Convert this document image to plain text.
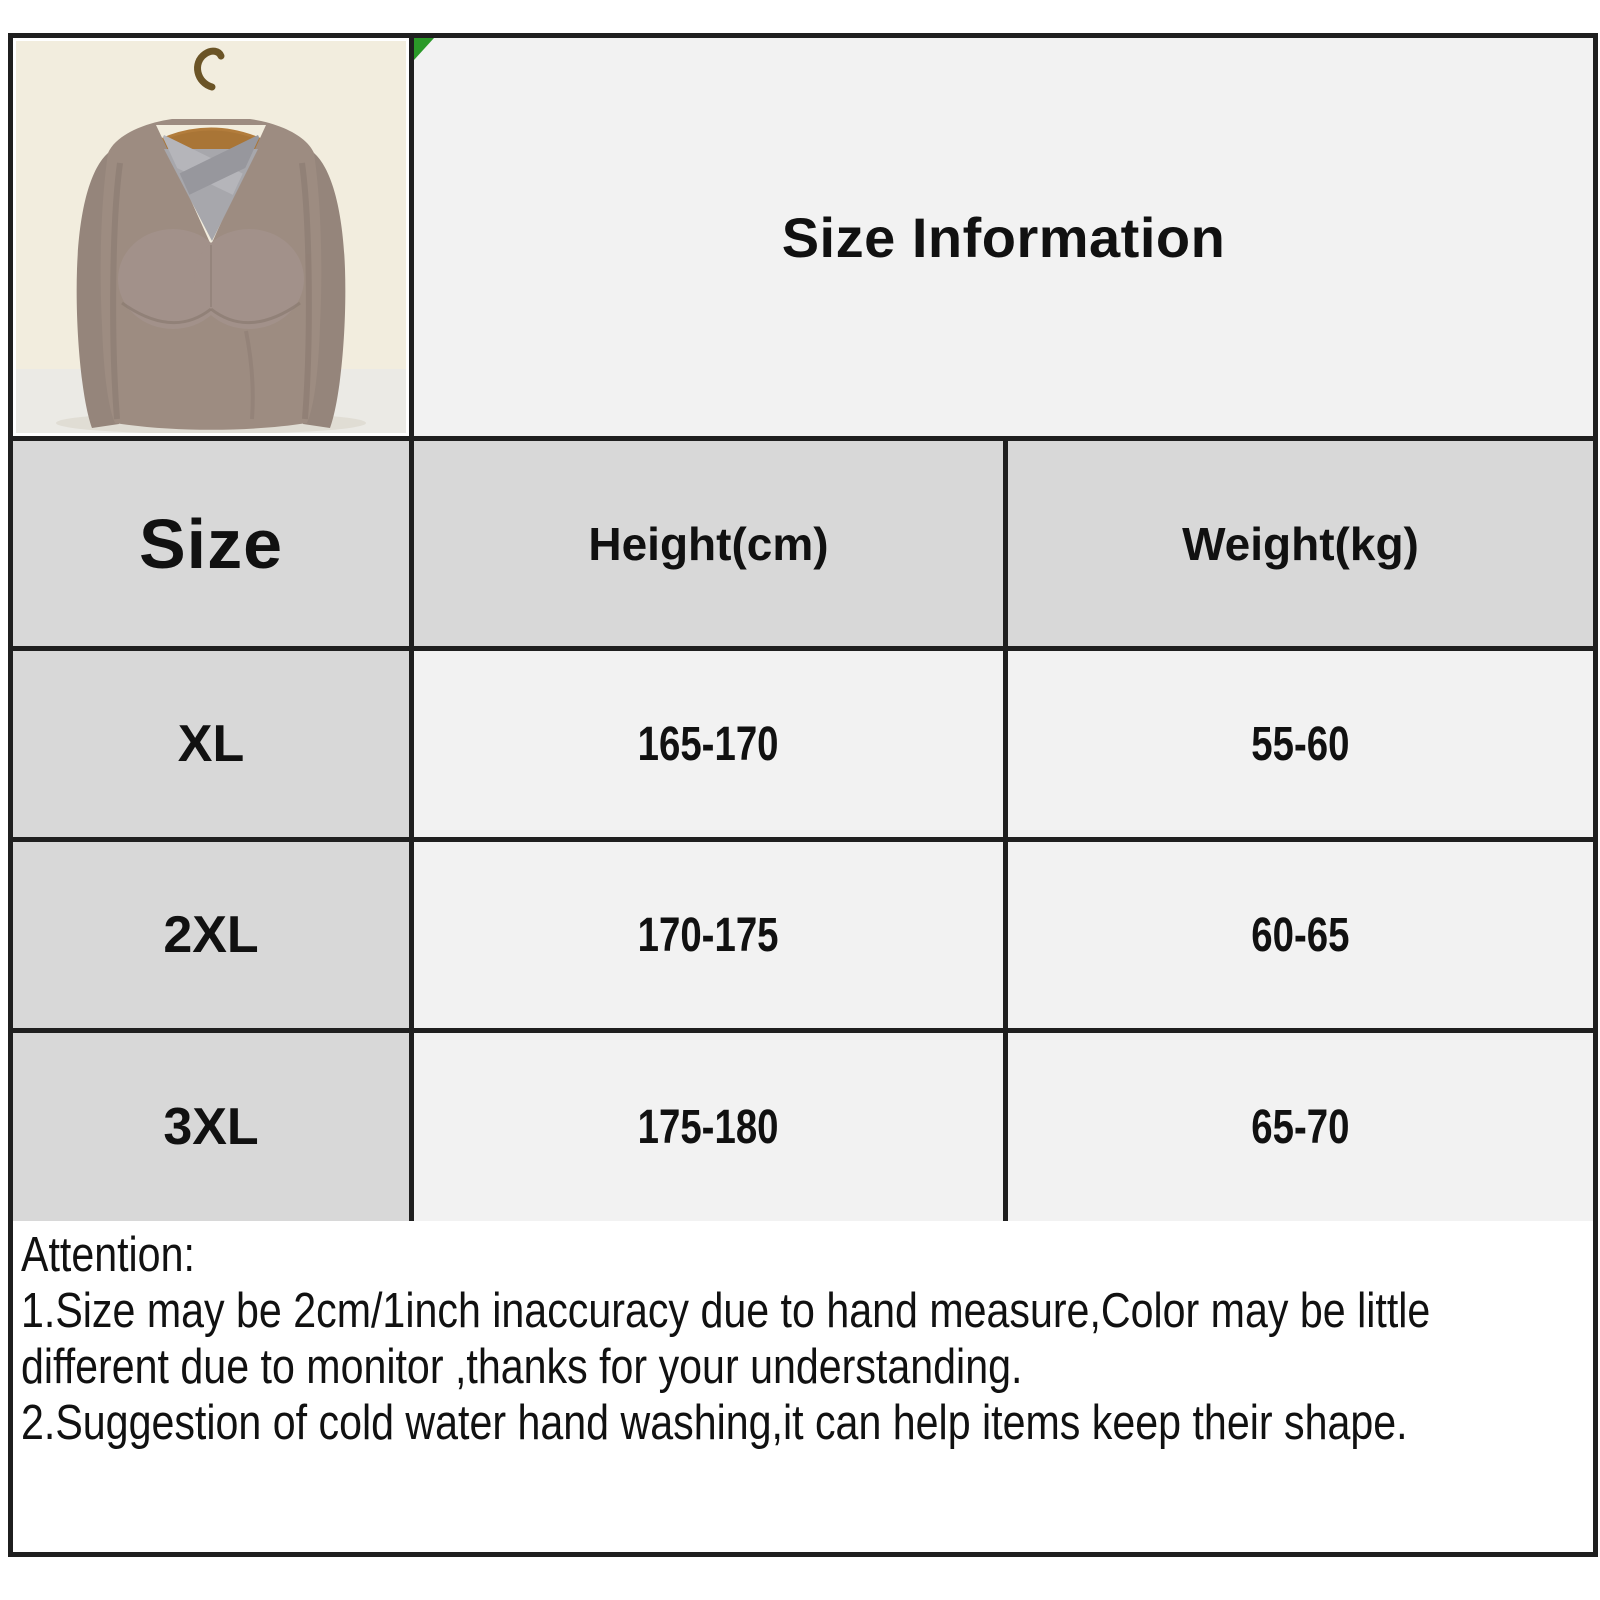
Size Information
Size	Height(cm)	Weight(kg)
XL	165-170	55-60
2XL	170-175	60-65
3XL	175-180	65-70
Attention:
1.Size may be 2cm/1inch inaccuracy due to hand measure,Color may be little
different due to monitor ,thanks for your understanding.
2.Suggestion of cold water hand washing,it can help items keep their shape.
